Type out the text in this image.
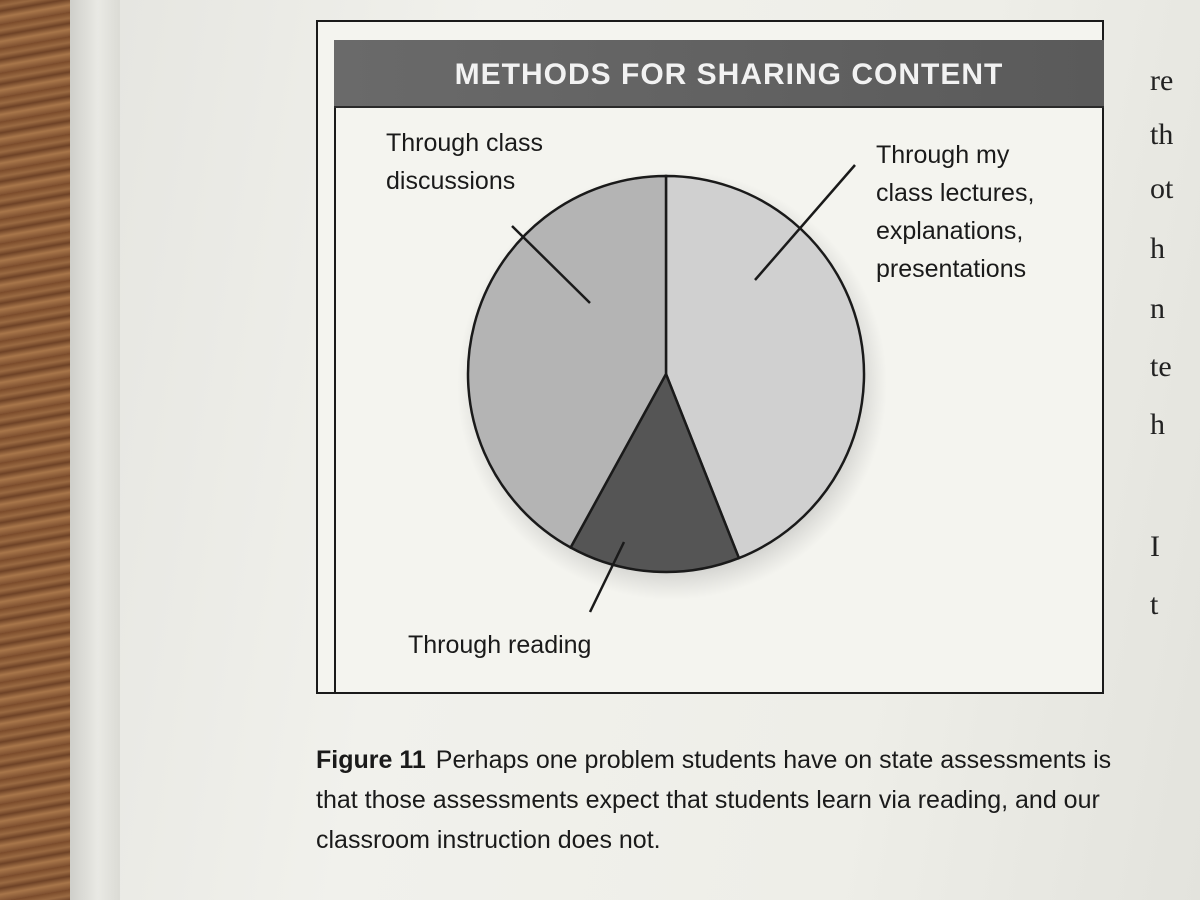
METHODS FOR SHARING CONTENT
Through my
class lectures,
explanations,
presentations
Through class
discussions
Through reading
Figure 11 Perhaps one problem students have on state assessments is that those assessments expect that students learn via reading, and our classroom instruction does not.
re
th
ot
h
n
te
h
I
t
